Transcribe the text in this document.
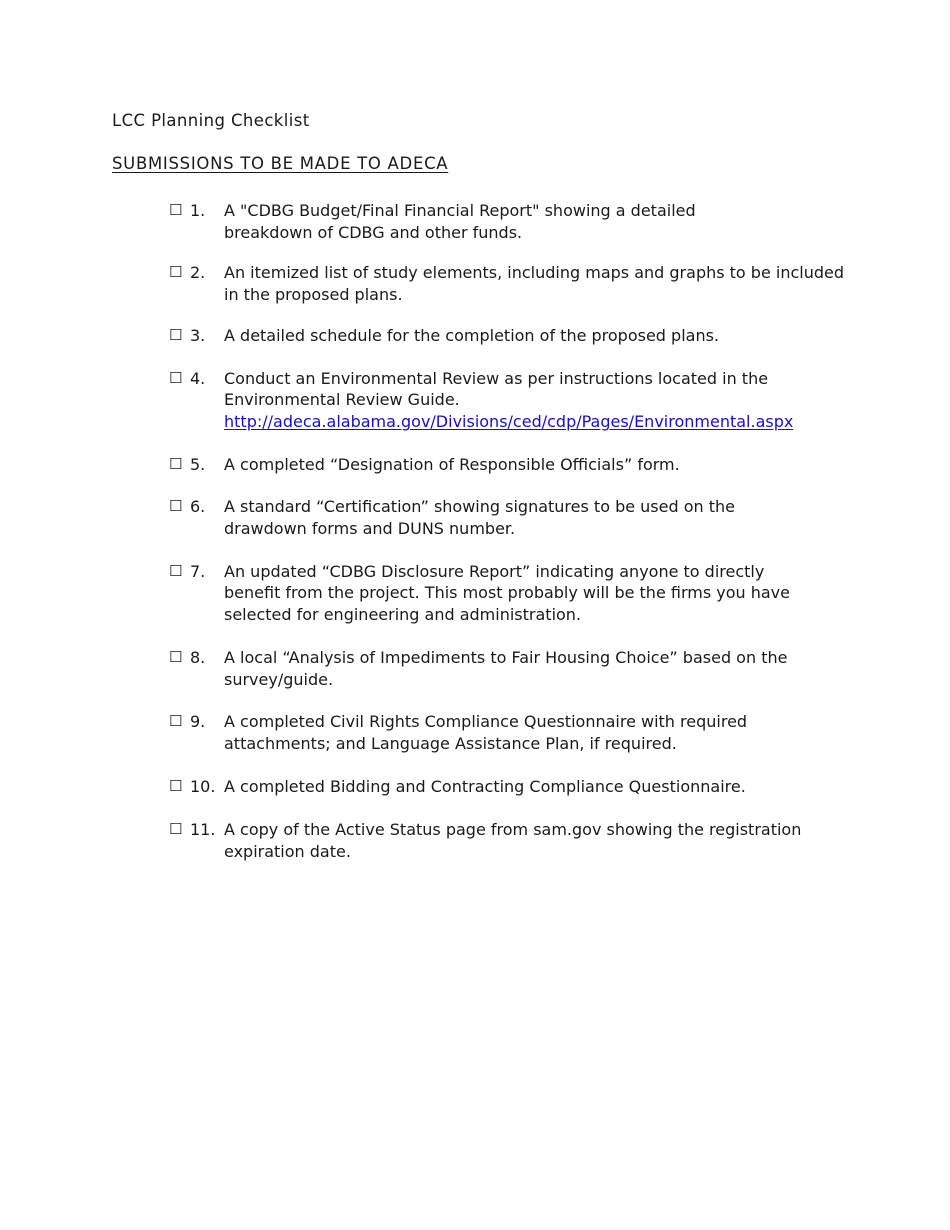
LCC Planning Checklist
SUBMISSIONS TO BE MADE TO ADECA
☐ 1. A "CDBG Budget/Final Financial Report" showing a detailed
breakdown of CDBG and other funds.
☐ 2. An itemized list of study elements, including maps and graphs to be included
in the proposed plans.
☐ 3. A detailed schedule for the completion of the proposed plans.
☐ 4. Conduct an Environmental Review as per instructions located in the
Environmental Review Guide.
http://adeca.alabama.gov/Divisions/ced/cdp/Pages/Environmental.aspx
☐ 5. A completed “Designation of Responsible Officials” form.
☐ 6. A standard “Certification” showing signatures to be used on the
drawdown forms and DUNS number.
☐ 7. An updated “CDBG Disclosure Report” indicating anyone to directly
benefit from the project. This most probably will be the firms you have
selected for engineering and administration.
☐ 8. A local “Analysis of Impediments to Fair Housing Choice” based on the
survey/guide.
☐ 9. A completed Civil Rights Compliance Questionnaire with required
attachments; and Language Assistance Plan, if required.
☐ 10. A completed Bidding and Contracting Compliance Questionnaire.
☐ 11. A copy of the Active Status page from sam.gov showing the registration
expiration date.
